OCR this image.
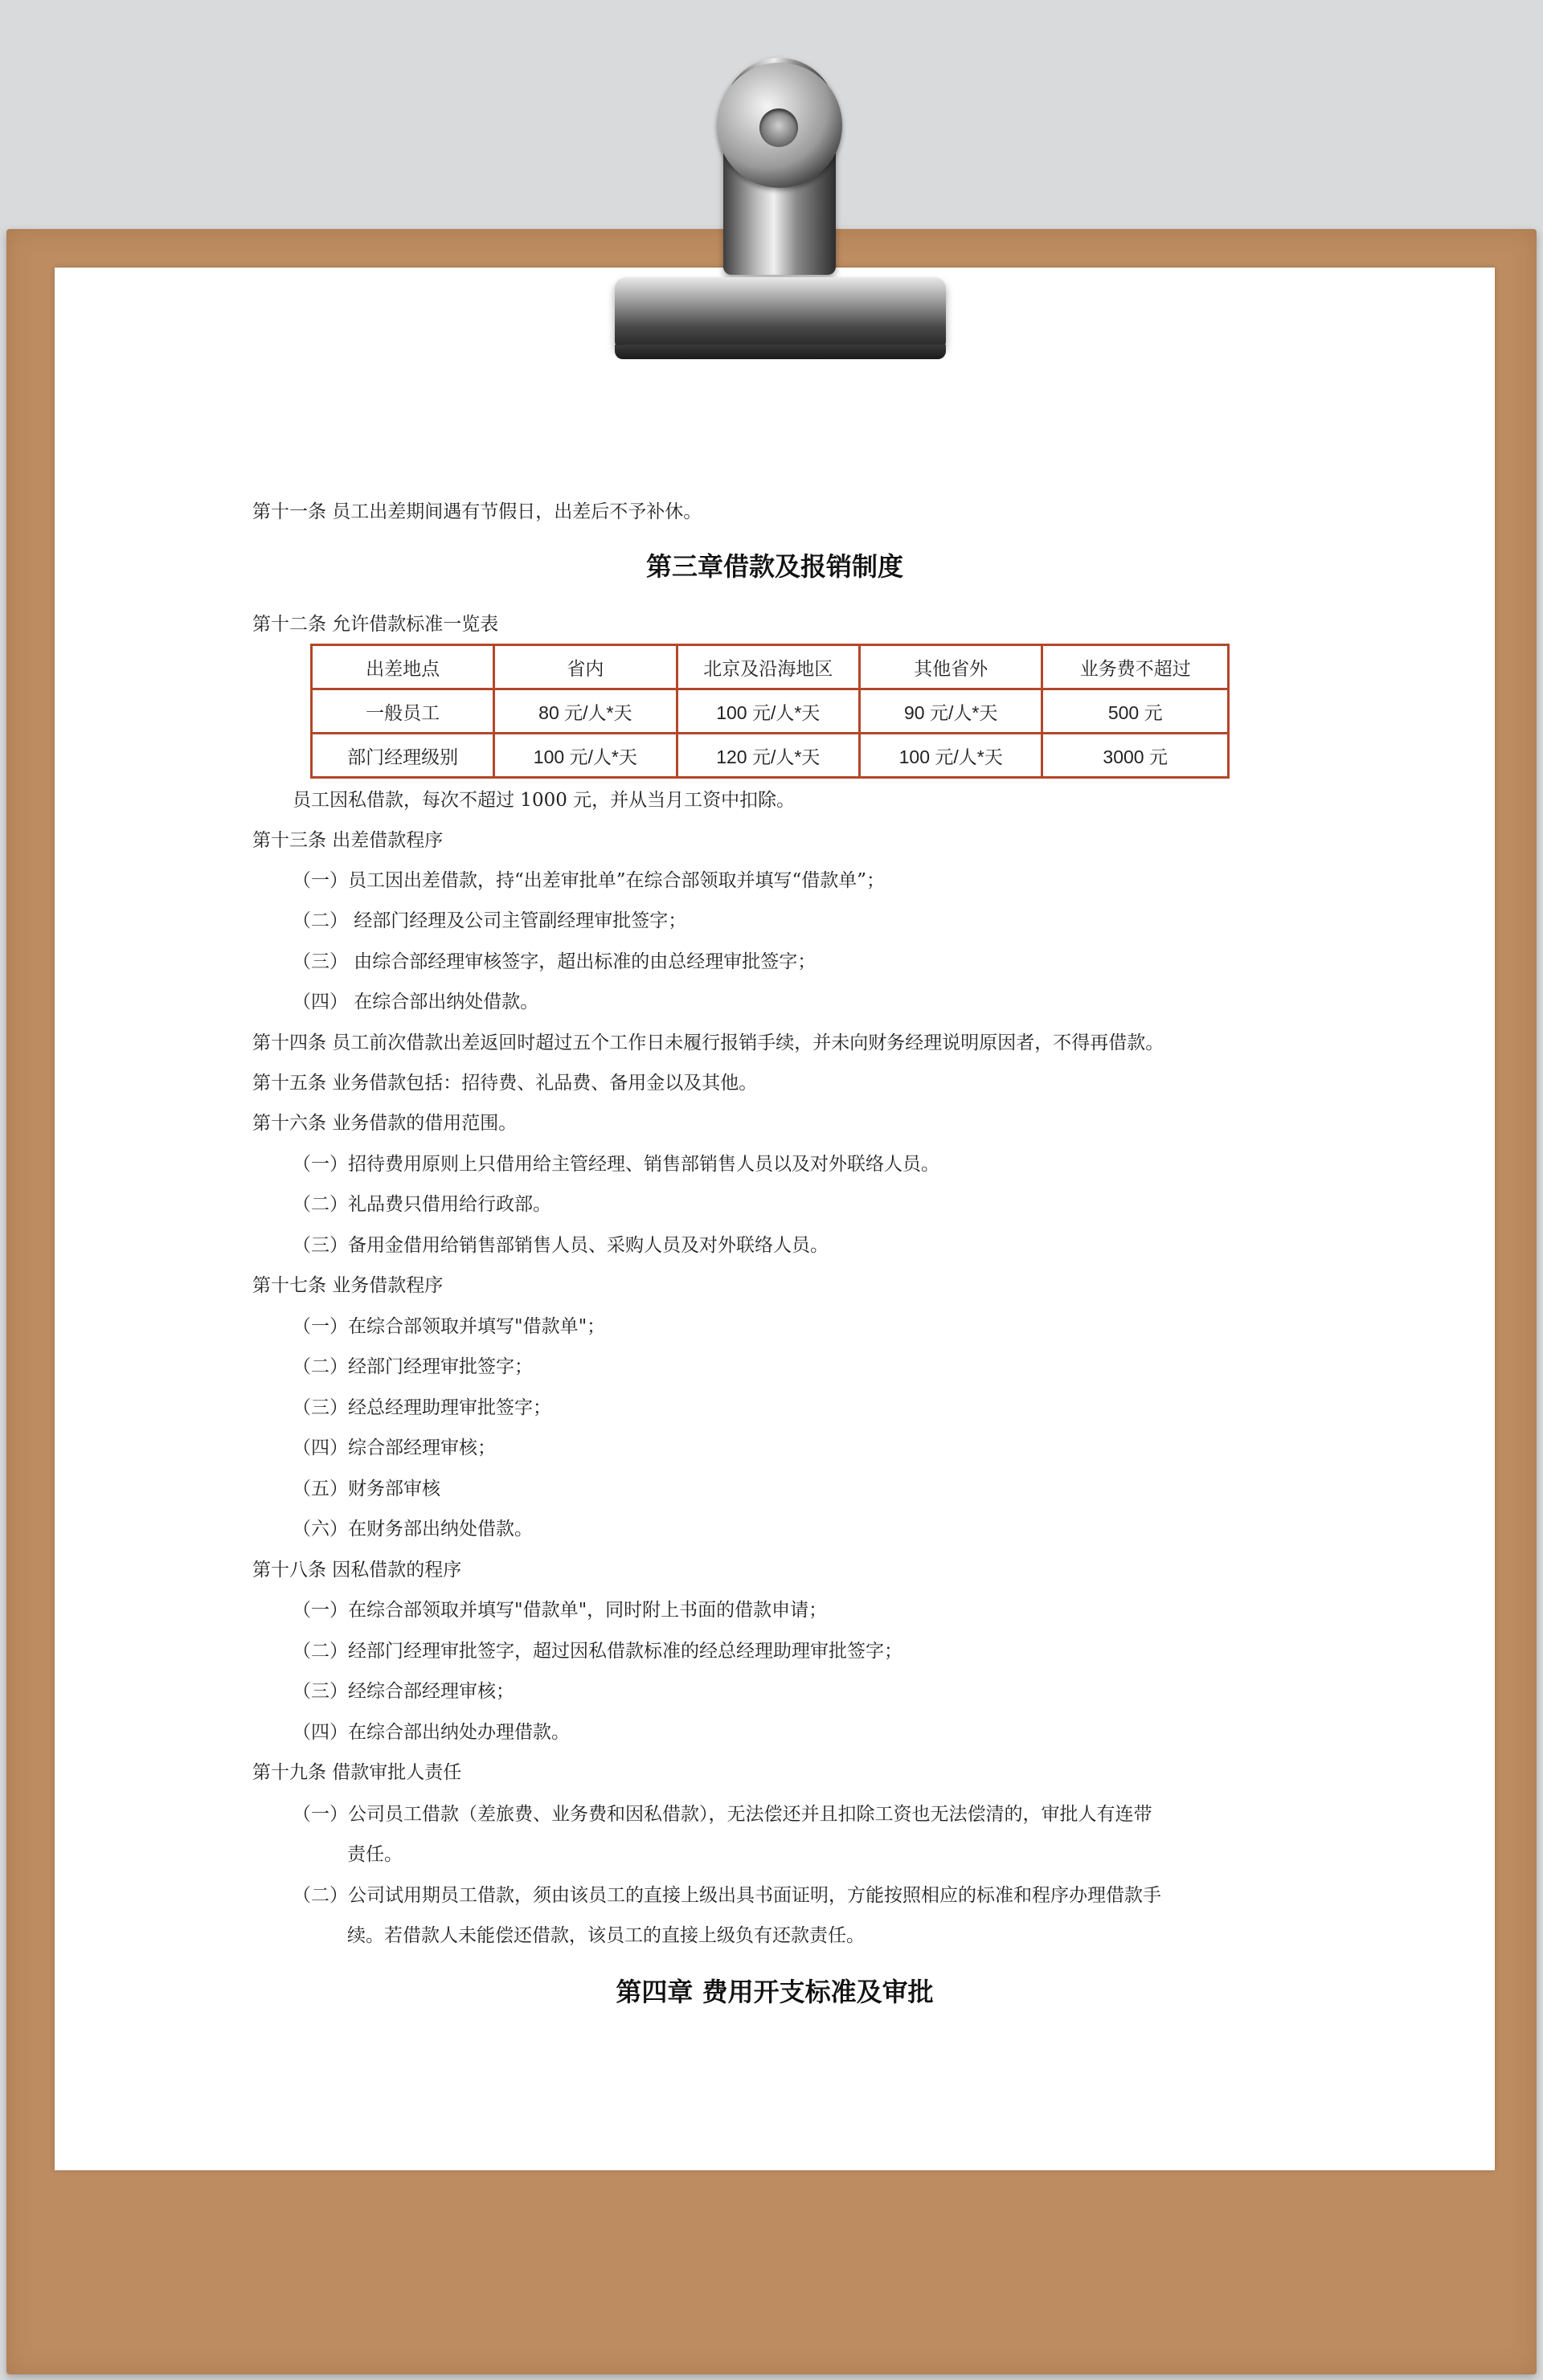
第十一条 员工出差期间遇有节假日，出差后不予补休。
第三章借款及报销制度
第十二条 允许借款标准一览表
出差地点	省内	北京及沿海地区	其他省外	业务费不超过
一般员工	80 元/人*天	100 元/人*天	90 元/人*天	500 元
部门经理级别	100 元/人*天	120 元/人*天	100 元/人*天	3000 元
员工因私借款，每次不超过 1000 元，并从当月工资中扣除。
第十三条 出差借款程序
（一）员工因出差借款，持“出差审批单”在综合部领取并填写“借款单”；
（二） 经部门经理及公司主管副经理审批签字；
（三） 由综合部经理审核签字，超出标准的由总经理审批签字；
（四） 在综合部出纳处借款。
第十四条 员工前次借款出差返回时超过五个工作日未履行报销手续，并未向财务经理说明原因者，不得再借款。
第十五条 业务借款包括：招待费、礼品费、备用金以及其他。
第十六条 业务借款的借用范围。
（一）招待费用原则上只借用给主管经理、销售部销售人员以及对外联络人员。
（二）礼品费只借用给行政部。
（三）备用金借用给销售部销售人员、采购人员及对外联络人员。
第十七条 业务借款程序
（一）在综合部领取并填写"借款单"；
（二）经部门经理审批签字；
（三）经总经理助理审批签字；
（四）综合部经理审核；
（五）财务部审核
（六）在财务部出纳处借款。
第十八条 因私借款的程序
（一）在综合部领取并填写"借款单"，同时附上书面的借款申请；
（二）经部门经理审批签字，超过因私借款标准的经总经理助理审批签字；
（三）经综合部经理审核；
（四）在综合部出纳处办理借款。
第十九条 借款审批人责任
（一）公司员工借款（差旅费、业务费和因私借款），无法偿还并且扣除工资也无法偿清的，审批人有连带
责任。
（二）公司试用期员工借款，须由该员工的直接上级出具书面证明，方能按照相应的标准和程序办理借款手
续。若借款人未能偿还借款，该员工的直接上级负有还款责任。
第四章 费用开支标准及审批
